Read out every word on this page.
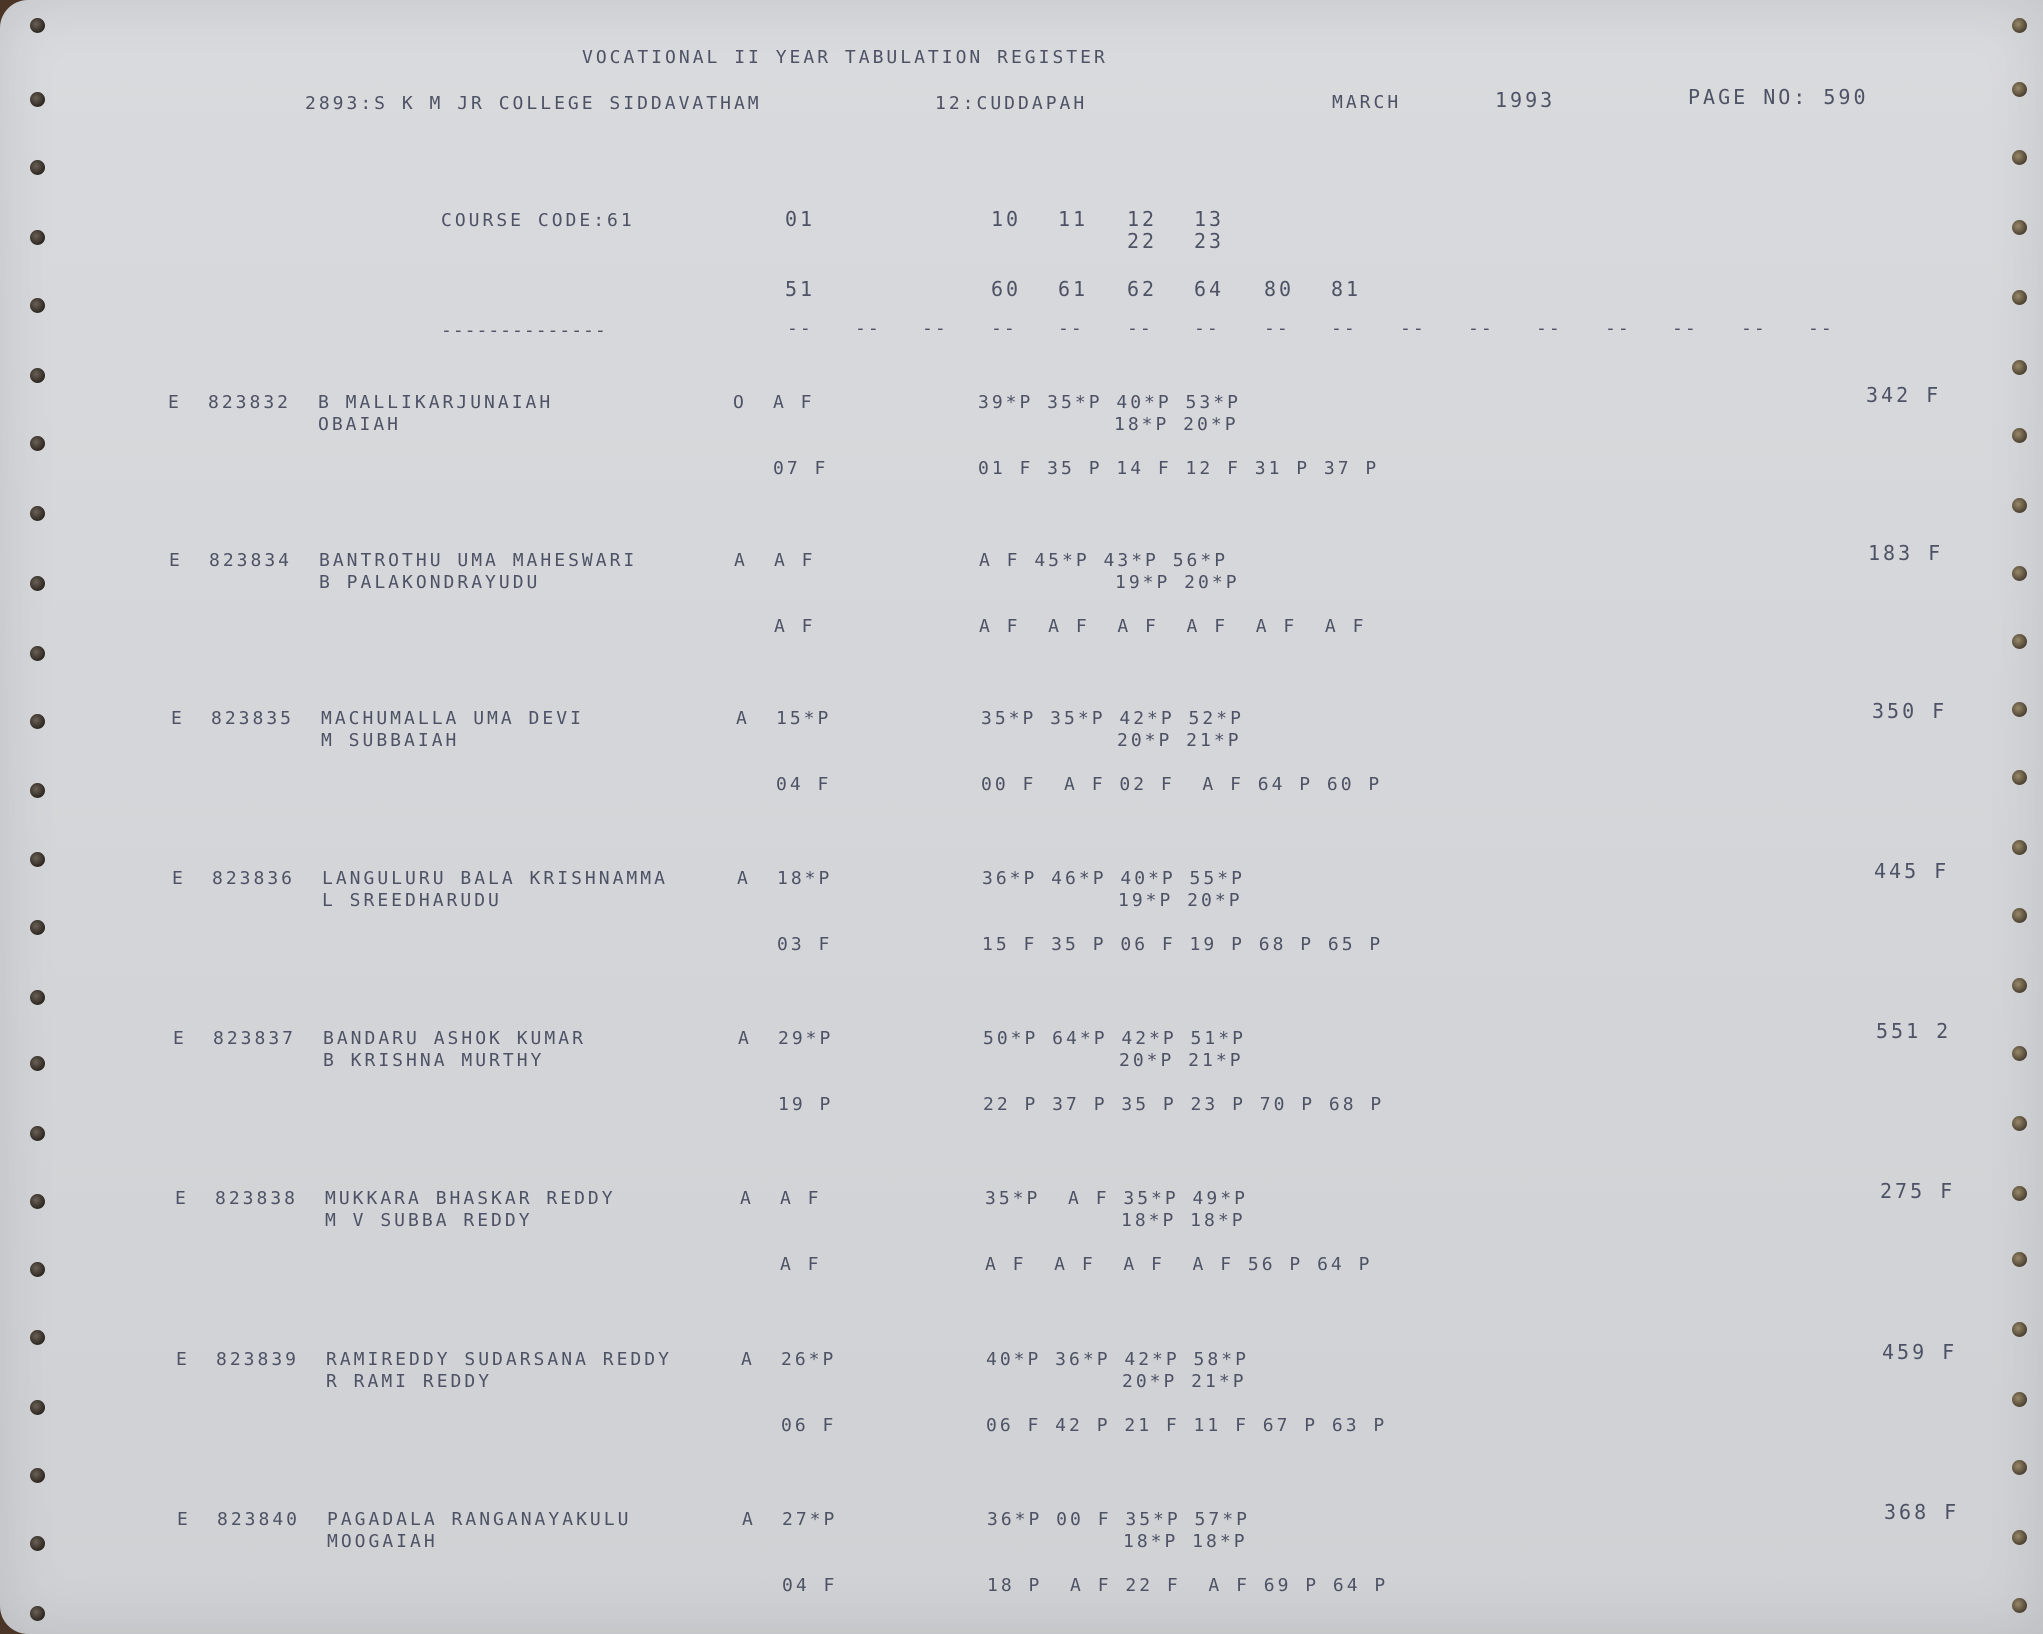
VOCATIONAL II YEAR TABULATION REGISTER
2893:S K M JR COLLEGE SIDDAVATHAM	12:CUDDAPAH	MARCH	1993	PAGE NO: 590
COURSE CODE:61	01	10 11 12 13
22 23
51	60 61 62 64 80 81
--------------	-- -- -- -- -- -- -- -- -- -- -- -- -- -- -- --
E 823832 B MALLIKARJUNAIAH
OBAIAH
O A F	39*P 35*P 40*P 53*P
18*P 20*P
07 F	01 F 35 P 14 F 12 F 31 P 37 P
342 F
E 823834 BANTROTHU UMA MAHESWARI
B PALAKONDRAYUDU
A A F	A F 45*P 43*P 56*P
19*P 20*P
A F	A F  A F  A F  A F  A F  A F
183 F
E 823835 MACHUMALLA UMA DEVI
M SUBBAIAH
A 15*P	35*P 35*P 42*P 52*P
20*P 21*P
04 F	00 F  A F 02 F  A F 64 P 60 P
350 F
E 823836 LANGULURU BALA KRISHNAMMA
L SREEDHARUDU
A 18*P	36*P 46*P 40*P 55*P
19*P 20*P
03 F	15 F 35 P 06 F 19 P 68 P 65 P
445 F
E 823837 BANDARU ASHOK KUMAR
B KRISHNA MURTHY
A 29*P	50*P 64*P 42*P 51*P
20*P 21*P
19 P	22 P 37 P 35 P 23 P 70 P 68 P
551 2
E 823838 MUKKARA BHASKAR REDDY
M V SUBBA REDDY
A A F	35*P  A F 35*P 49*P
18*P 18*P
A F	A F  A F  A F  A F 56 P 64 P
275 F
E 823839 RAMIREDDY SUDARSANA REDDY
R RAMI REDDY
A 26*P	40*P 36*P 42*P 58*P
20*P 21*P
06 F	06 F 42 P 21 F 11 F 67 P 63 P
459 F
E 823840 PAGADALA RANGANAYAKULU
MOOGAIAH
A 27*P	36*P 00 F 35*P 57*P
18*P 18*P
04 F	18 P  A F 22 F  A F 69 P 64 P
368 F
